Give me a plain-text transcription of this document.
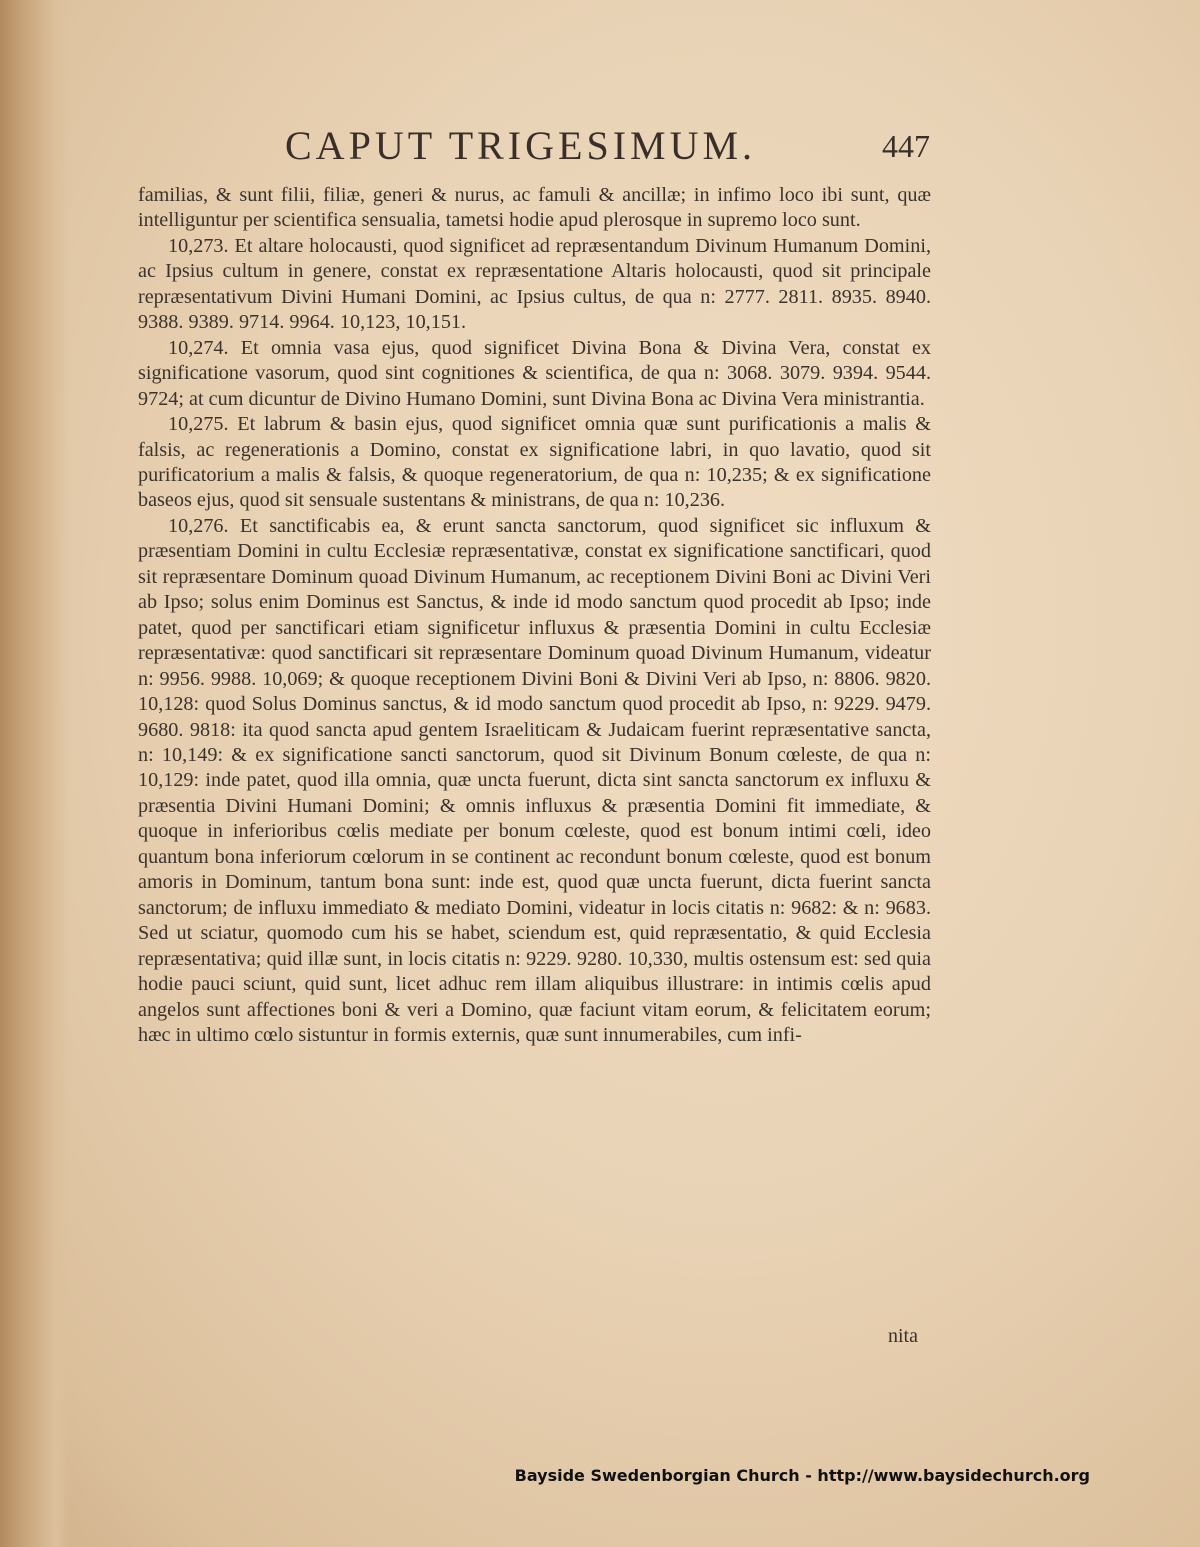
CAPUT TRIGESIMUM.	447

familias, & sunt filii, filiæ, generi & nurus, ac famuli & ancillæ; in infimo loco ibi sunt, quæ intelliguntur per scientifica sensualia, tametsi hodie apud plerosque in supremo loco sunt.

10,273. Et altare holocausti, quod significet ad repræsentandum Divinum Humanum Domini, ac Ipsius cultum in genere, constat ex repræsentatione Altaris holocausti, quod sit principale repræsentativum Divini Humani Domini, ac Ipsius cultus, de qua n: 2777. 2811. 8935. 8940. 9388. 9389. 9714. 9964. 10,123, 10,151.

10,274. Et omnia vasa ejus, quod significet Divina Bona & Divina Vera, constat ex significatione vasorum, quod sint cognitiones & scientifica, de qua n: 3068. 3079. 9394. 9544. 9724; at cum dicuntur de Divino Humano Domini, sunt Divina Bona ac Divina Vera ministrantia.

10,275. Et labrum & basin ejus, quod significet omnia quæ sunt purificationis a malis & falsis, ac regenerationis a Domino, constat ex significatione labri, in quo lavatio, quod sit purificatorium a malis & falsis, & quoque regeneratorium, de qua n: 10,235; & ex significatione baseos ejus, quod sit sensuale sustentans & ministrans, de qua n: 10,236.

10,276. Et sanctificabis ea, & erunt sancta sanctorum, quod significet sic influxum & præsentiam Domini in cultu Ecclesiæ repræsentativæ, constat ex significatione sanctificari, quod sit repræsentare Dominum quoad Divinum Humanum, ac receptionem Divini Boni ac Divini Veri ab Ipso; solus enim Dominus est Sanctus, & inde id modo sanctum quod procedit ab Ipso; inde patet, quod per sanctificari etiam significetur influxus & præsentia Domini in cultu Ecclesiæ repræsentativæ: quod sanctificari sit repræsentare Dominum quoad Divinum Humanum, videatur n: 9956. 9988. 10,069; & quoque receptionem Divini Boni & Divini Veri ab Ipso, n: 8806. 9820. 10,128: quod Solus Dominus sanctus, & id modo sanctum quod procedit ab Ipso, n: 9229. 9479. 9680. 9818: ita quod sancta apud gentem Israeliticam & Judaicam fuerint repræsentative sancta, n: 10,149: & ex significatione sancti sanctorum, quod sit Divinum Bonum cœleste, de qua n: 10,129: inde patet, quod illa omnia, quæ uncta fuerunt, dicta sint sancta sanctorum ex influxu & præsentia Divini Humani Domini; & omnis influxus & præsentia Domini fit immediate, & quoque in inferioribus cœlis mediate per bonum cœleste, quod est bonum intimi cœli, ideo quantum bona inferiorum cœlorum in se continent ac recondunt bonum cœleste, quod est bonum amoris in Dominum, tantum bona sunt: inde est, quod quæ uncta fuerunt, dicta fuerint sancta sanctorum; de influxu immediato & mediato Domini, videatur in locis citatis n: 9682: & n: 9683. Sed ut sciatur, quomodo cum his se habet, sciendum est, quid repræsentatio, & quid Ecclesia repræsentativa; quid illæ sunt, in locis citatis n: 9229. 9280. 10,330, multis ostensum est: sed quia hodie pauci sciunt, quid sunt, licet adhuc rem illam aliquibus illustrare: in intimis cœlis apud angelos sunt affectiones boni & veri a Domino, quæ faciunt vitam eorum, & felicitatem eorum; hæc in ultimo cœlo sistuntur in formis externis, quæ sunt innumerabiles, cum infi-

nita
Bayside Swedenborgian Church - http://www.baysidechurch.org
